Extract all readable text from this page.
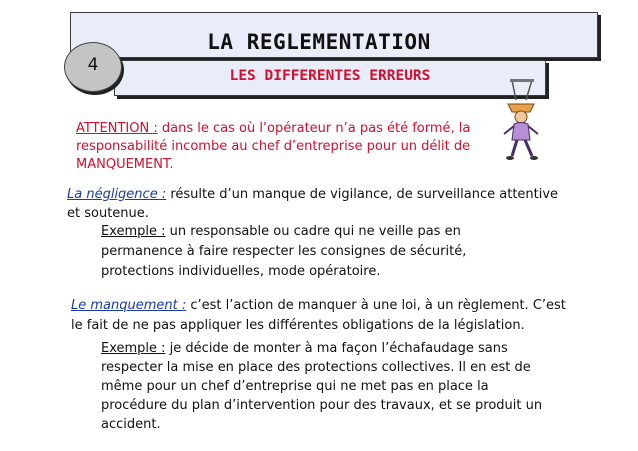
LA REGLEMENTATION
LES DIFFERENTES ERREURS
4
ATTENTION : dans le cas où l’opérateur n’a pas été formé, la
responsabilité incombe au chef d’entreprise pour un délit de
MANQUEMENT.
La négligence : résulte d’un manque de vigilance, de surveillance attentive et soutenue.
Exemple : un responsable ou cadre qui ne veille pas en permanence à faire respecter les consignes de sécurité, protections individuelles, mode opératoire.
Le manquement : c’est l’action de manquer à une loi, à un règlement. C’est le fait de ne pas appliquer les différentes obligations de la législation.
Exemple : je décide de monter à ma façon l’échafaudage sans respecter la mise en place des protections collectives. Il en est de même pour un chef d’entreprise qui ne met pas en place la procédure du plan d’intervention pour des travaux, et se produit un accident.
